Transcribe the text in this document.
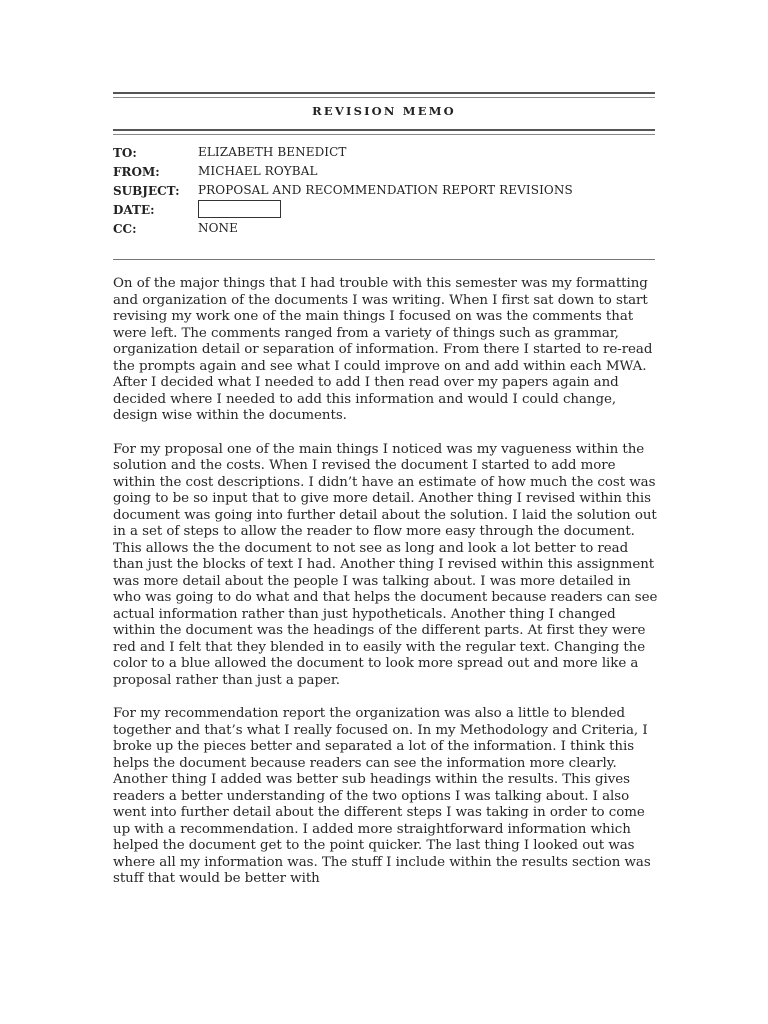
REVISION MEMO
TO:	ELIZABETH BENEDICT
FROM:	MICHAEL ROYBAL
SUBJECT: PROPOSAL AND RECOMMENDATION REPORT REVISIONS
DATE:
CC:	NONE

On of the major things that I had trouble with this semester was my formatting and organization of the documents I was writing. When I first sat down to start revising my work one of the main things I focused on was the comments that were left. The comments ranged from a variety of things such as grammar, organization detail or separation of information. From there I started to re-read the prompts again and see what I could improve on and add within each MWA. After I decided what I needed to add I then read over my papers again and decided where I needed to add this information and would I could change, design wise within the documents.

For my proposal one of the main things I noticed was my vagueness within the solution and the costs. When I revised the document I started to add more within the cost descriptions. I didn’t have an estimate of how much the cost was going to be so input that to give more detail. Another thing I revised within this document was going into further detail about the solution. I laid the solution out in a set of steps to allow the reader to flow more easy through the document. This allows the the document to not see as long and look a lot better to read than just the blocks of text I had. Another thing I revised within this assignment was more detail about the people I was talking about. I was more detailed in who was going to do what and that helps the document because readers can see actual information rather than just hypotheticals. Another thing I changed within the document was the headings of the different parts. At first they were red and I felt that they blended in to easily with the regular text. Changing the color to a blue allowed the document to look more spread out and more like a proposal rather than just a paper.

For my recommendation report the organization was also a little to blended together and that’s what I really focused on. In my Methodology and Criteria, I broke up the pieces better and separated a lot of the information. I think this helps the document because readers can see the information more clearly. Another thing I added was better sub headings within the results. This gives readers a better understanding of the two options I was talking about. I also went into further detail about the different steps I was taking in order to come up with a recommendation. I added more straightforward information which helped the document get to the point quicker. The last thing I looked out was where all my information was. The stuff I include within the results section was stuff that would be better with
